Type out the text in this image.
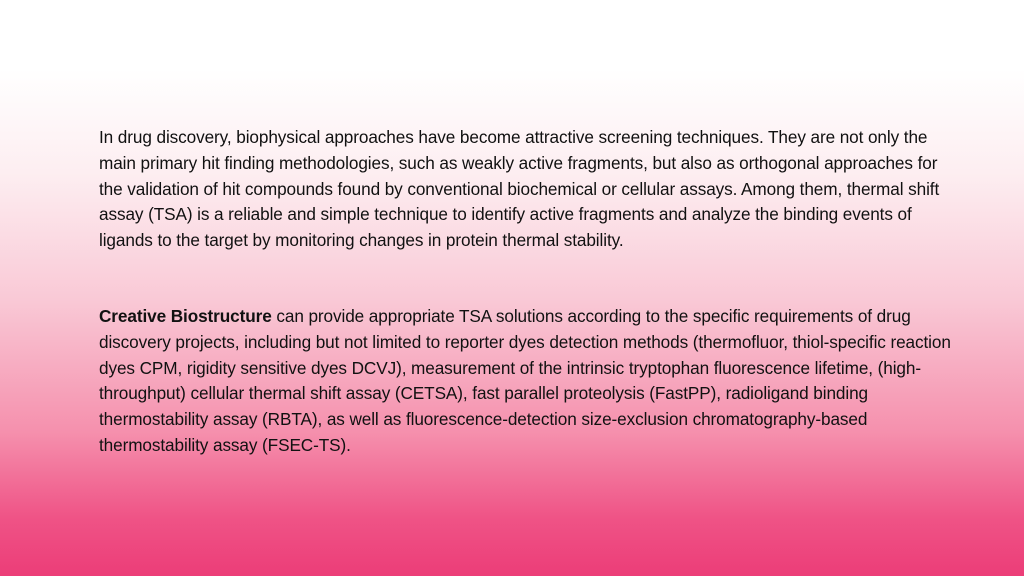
In drug discovery, biophysical approaches have become attractive screening techniques. They are not only the main primary hit finding methodologies, such as weakly active fragments, but also as orthogonal approaches for the validation of hit compounds found by conventional biochemical or cellular assays. Among them, thermal shift assay (TSA) is a reliable and simple technique to identify active fragments and analyze the binding events of ligands to the target by monitoring changes in protein thermal stability.

Creative Biostructure can provide appropriate TSA solutions according to the specific requirements of drug discovery projects, including but not limited to reporter dyes detection methods (thermofluor, thiol-specific reaction dyes CPM, rigidity sensitive dyes DCVJ), measurement of the intrinsic tryptophan fluorescence lifetime, (high-throughput) cellular thermal shift assay (CETSA), fast parallel proteolysis (FastPP), radioligand binding thermostability assay (RBTA), as well as fluorescence-detection size-exclusion chromatography-based thermostability assay (FSEC-TS).
